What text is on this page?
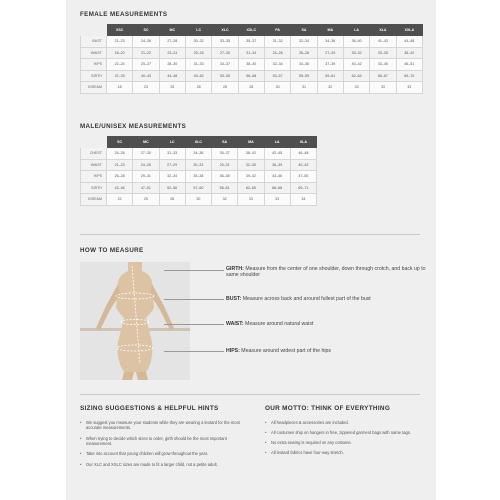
FEMALE MEASUREMENTS
	XSC	SC	MC	LC	XLC	XXLC	PA	SA	MA	LA	XLA	XXLA
BUST	21–23	24–26	27–28	30–32	33–35	35–37	31–32	32–34	34–36	36–40	41–43	44–48
WAIST	18–20	21–22	23–24	25–26	27–30	31–34	24–26	26–28	27–29	30–32	33–35	36–42
HIPS	22–24	25–27	28–30	31–33	34–37	38–40	32–34	34–36	37–39	40–42	43–45	46–51
GIRTH	37–39	40–43	44–48	49–52	53–55	56–58	53–57	55–59	59–61	62–64	65–67	69–70
INSEAM	18	23	25	28	28	28	30	31	32	33	33	33
MALE/UNISEX MEASUREMENTS
	SC	MC	LC	XLC	SA	MA	LA	XLA
CHEST	24–26	27–30	31–33	34–36	35–37	38–42	42–45	46–48
WAIST	21–23	24–26	27–29	30–33	29–31	32–35	36–39	40–43
HIPS	26–28	29–31	32–34	35–38	36–38	39–42	43–46	47–50
GIRTH	42–46	47–51	52–56	57–60	58–61	62–65	66–68	69–71
INSEAM	22	25	28	30	32	33	33	34
HOW TO MEASURE
GIRTH: Measure from the center of one shoulder, down through crotch, and back up to same shoulder
BUST: Measure across back and around fullest part of the bust
WAIST: Measure around natural waist
HIPS: Measure around widest part of the hips
SIZING SUGGESTIONS & HELPFUL HINTS
• We suggest you measure your students while they are wearing a leotard for the most accurate measurements.
• When trying to decide which sizes to order, girth should be the most important measurement.
• Take into account that young children will grow throughout the year.
• Our XLC and XXLC sizes are made to fit a larger child, not a petite adult.
OUR MOTTO: THINK OF EVERYTHING
• All headpieces & accessories are included.
• All costumes ship on hangers in free, zippered garment bags with name tags.
• No extra sewing is required on any costume.
• All leotard fabrics have four-way stretch.
